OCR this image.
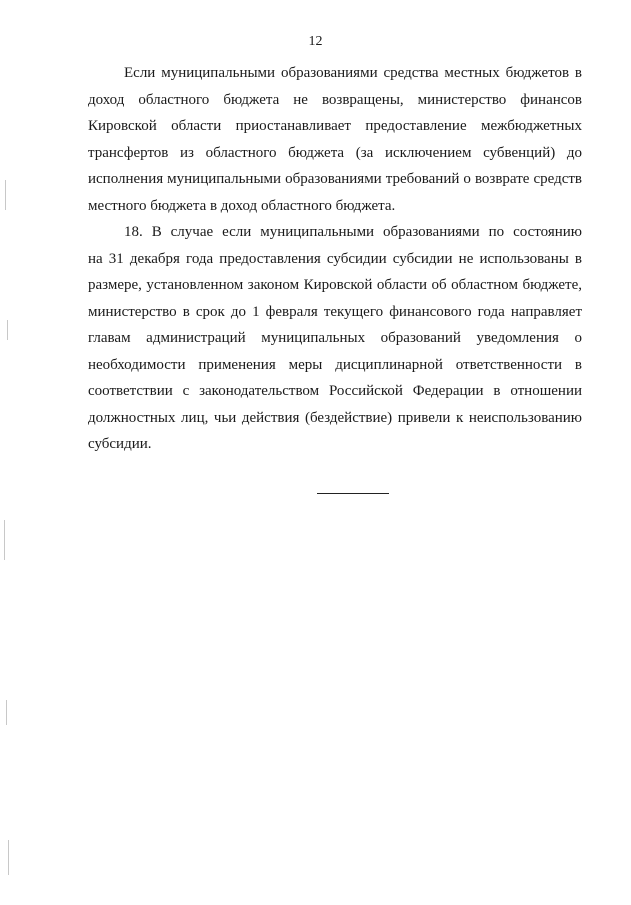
12
Если муниципальными образованиями средства местных бюджетов в
доход областного бюджета не возвращены, министерство финансов
Кировской области приостанавливает предоставление межбюджетных
трансфертов из областного бюджета (за исключением субвенций) до
исполнения муниципальными образованиями требований о возврате средств
местного бюджета в доход областного бюджета.
18. В случае если муниципальными образованиями по состоянию
на 31 декабря года предоставления субсидии субсидии не использованы в
размере, установленном законом Кировской области об областном бюджете,
министерство в срок до 1 февраля текущего финансового года направляет
главам администраций муниципальных образований уведомления о
необходимости применения меры дисциплинарной ответственности в
соответствии с законодательством Российской Федерации в отношении
должностных лиц, чьи действия (бездействие) привели к неиспользованию
субсидии.
